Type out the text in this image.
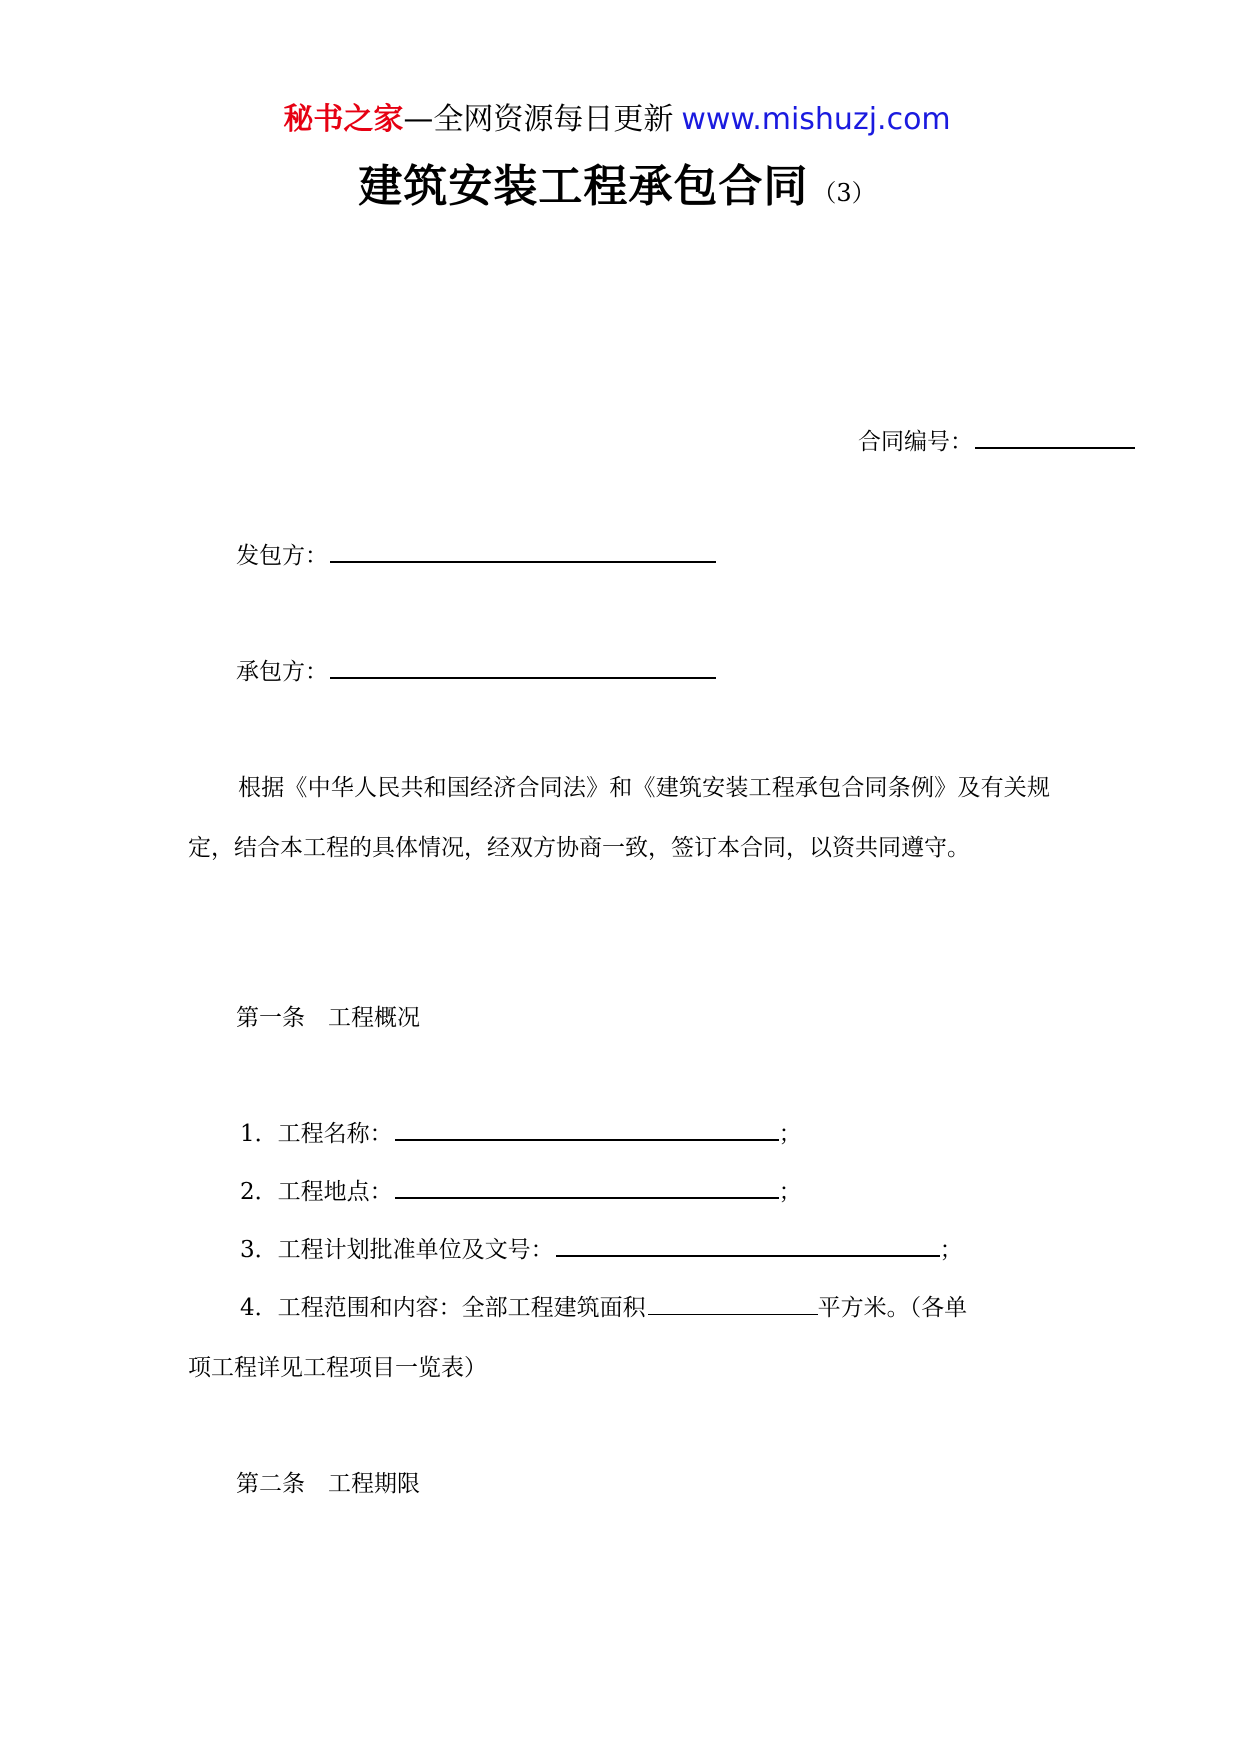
秘书之家—全网资源每日更新 www.mishuzj.com
建筑安装工程承包合同 （3）
合同编号：
发包方：
承包方：
根据《中华人民共和国经济合同法》和《建筑安装工程承包合同条例》及有关规定，结合本工程的具体情况，经双方协商一致，签订本合同，以资共同遵守。
第一条　工程概况
1．工程名称：	；
2．工程地点：	；
3．工程计划批准单位及文号：	；
4．工程范围和内容：全部工程建筑面积	平方米。（各单
项工程详见工程项目一览表）
第二条　工程期限
